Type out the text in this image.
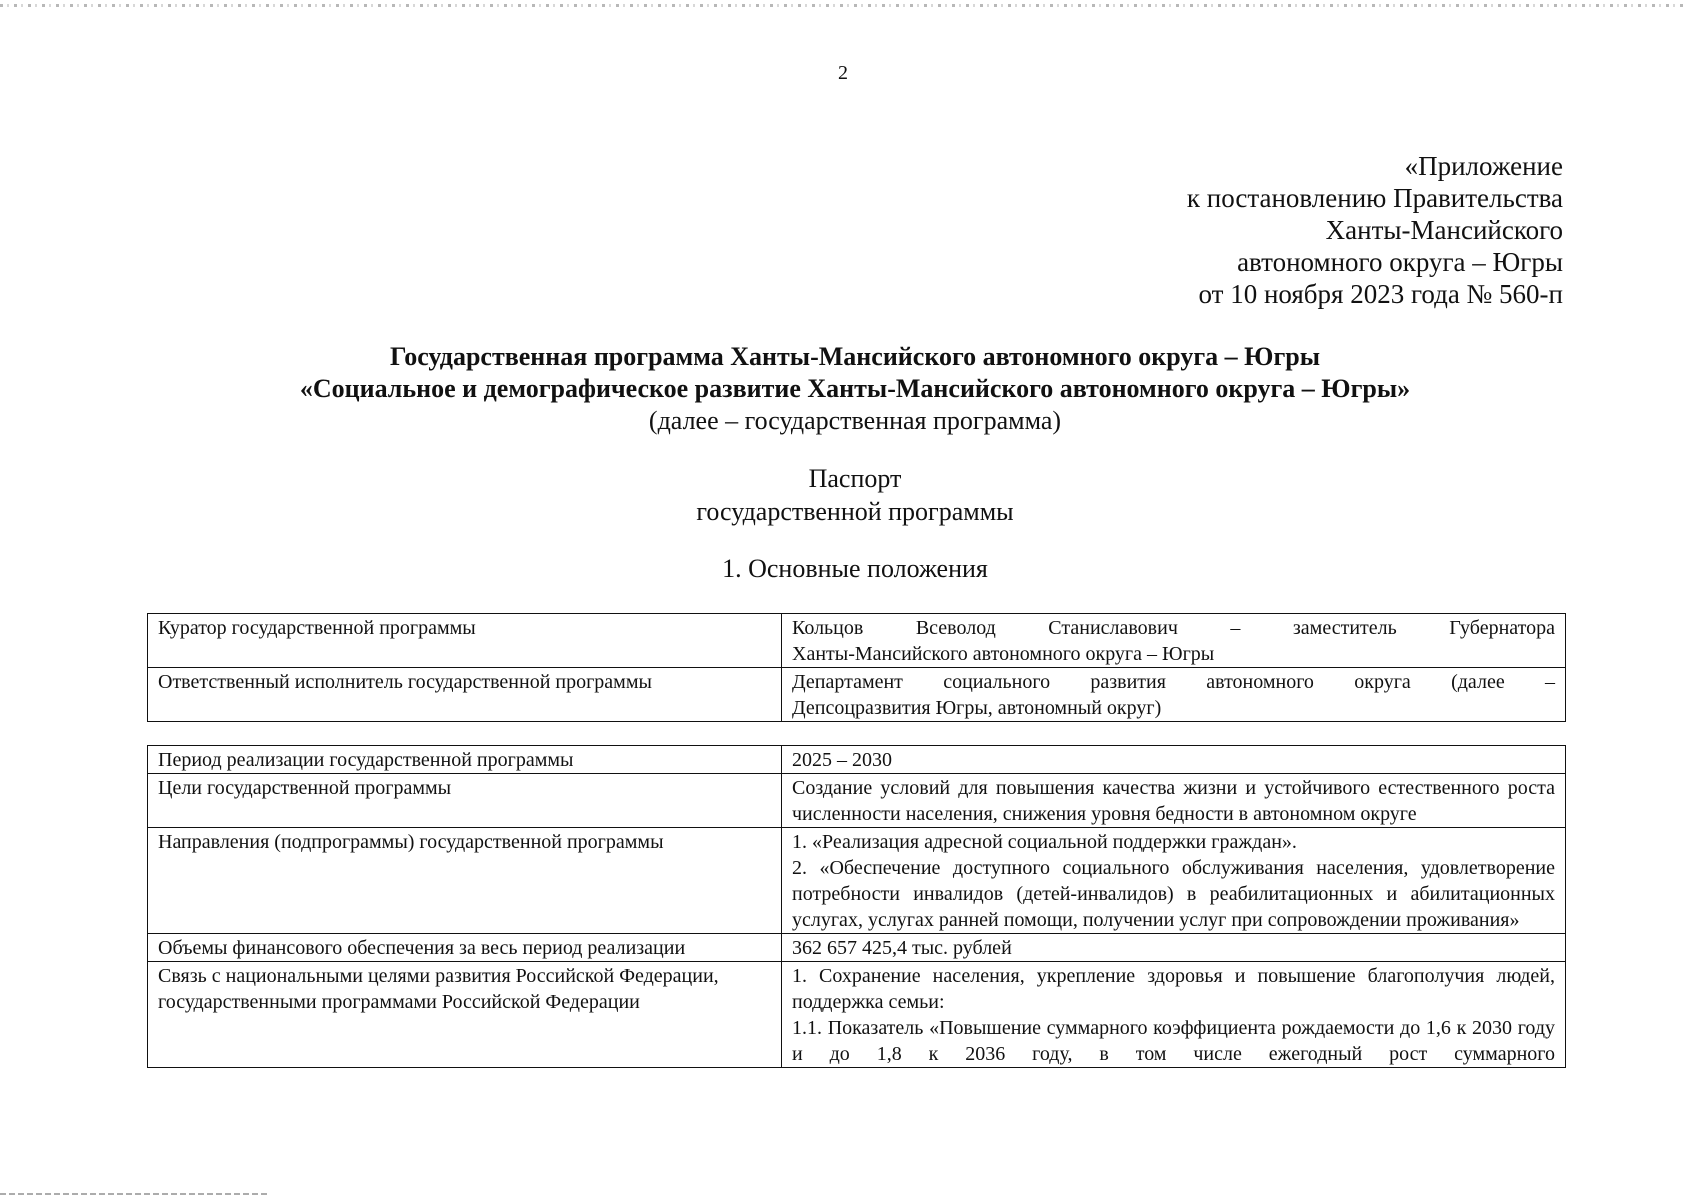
2
«Приложение
к постановлению Правительства
Ханты-Мансийского
автономного округа – Югры
от 10 ноября 2023 года № 560-п
Государственная программа Ханты-Мансийского автономного округа – Югры
«Социальное и демографическое развитие Ханты-Мансийского автономного округа – Югры»
(далее – государственная программа)
Паспорт
государственной программы
1. Основные положения
Куратор государственной программы	Кольцов Всеволод Станиславович – заместитель Губернатора

Ханты-Мансийского автономного округа – Югры

Ответственный исполнитель государственной программы	Департамент социального развития автономного округа (далее –

Депсоцразвития Югры, автономный округ)

Период реализации государственной программы	2025 – 2030

Цели государственной программы	Создание условий для повышения качества жизни и устойчивого естественного роста численности населения, снижения уровня бедности в автономном округе

Направления (подпрограммы) государственной программы	1. «Реализация адресной социальной поддержки граждан».

2. «Обеспечение доступного социального обслуживания населения, удовлетворение потребности инвалидов (детей-инвалидов) в реабилитационных и абилитационных услугах, услугах ранней помощи, получении услуг при сопровождении проживания»

Объемы финансового обеспечения за весь период реализации	362 657 425,4 тыс. рублей

Связь с национальными целями развития Российской Федерации, государственными программами Российской Федерации	1. Сохранение населения, укрепление здоровья и повышение благополучия людей, поддержка семьи:

1.1. Показатель «Повышение суммарного коэффициента рождаемости до 1,6 к 2030 году и до 1,8 к 2036 году, в том числе ежегодный рост суммарного
